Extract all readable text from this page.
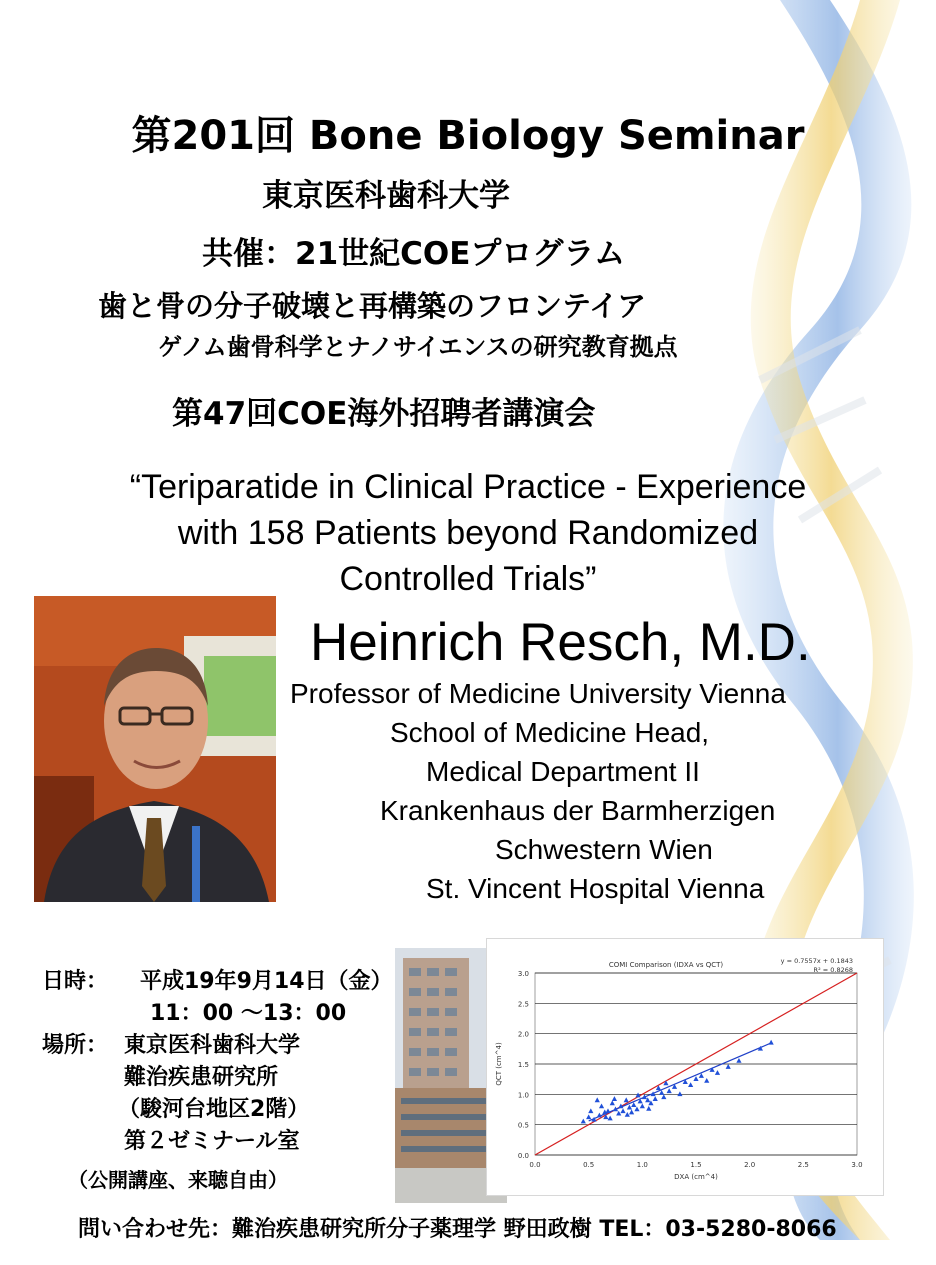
第201回 Bone Biology Seminar
東京医科歯科大学
共催：21世紀COEプログラム
歯と骨の分子破壊と再構築のフロンテイア
ゲノム歯骨科学とナノサイエンスの研究教育拠点
第47回COE海外招聘者講演会
“Teriparatide in Clinical Practice - Experience
with 158 Patients beyond Randomized
Controlled Trials”
Heinrich Resch, M.D.
Professor of Medicine University Vienna
School of Medicine Head,
Medical Department II
Krankenhaus der Barmherzigen
Schwestern Wien
St. Vincent Hospital Vienna
日時： 平成19年9月14日（金）
11：00 ～13：00
場所： 東京医科歯科大学
難治疾患研究所
（駿河台地区2階）
第２ゼミナール室
（公開講座、来聴自由）
0.0
0.5
1.0
1.5
2.0
2.5
3.0
0.0	0.5	1.0	1.5	2.0	2.5	3.0
COMI Comparison (IDXA vs QCT)	y = 0.7557x + 0.1843
R² = 0.8268
DXA (cm^4)
QCT (cm^4)
問い合わせ先：難治疾患研究所分子薬理学 野田政樹 TEL：03-5280-8066
